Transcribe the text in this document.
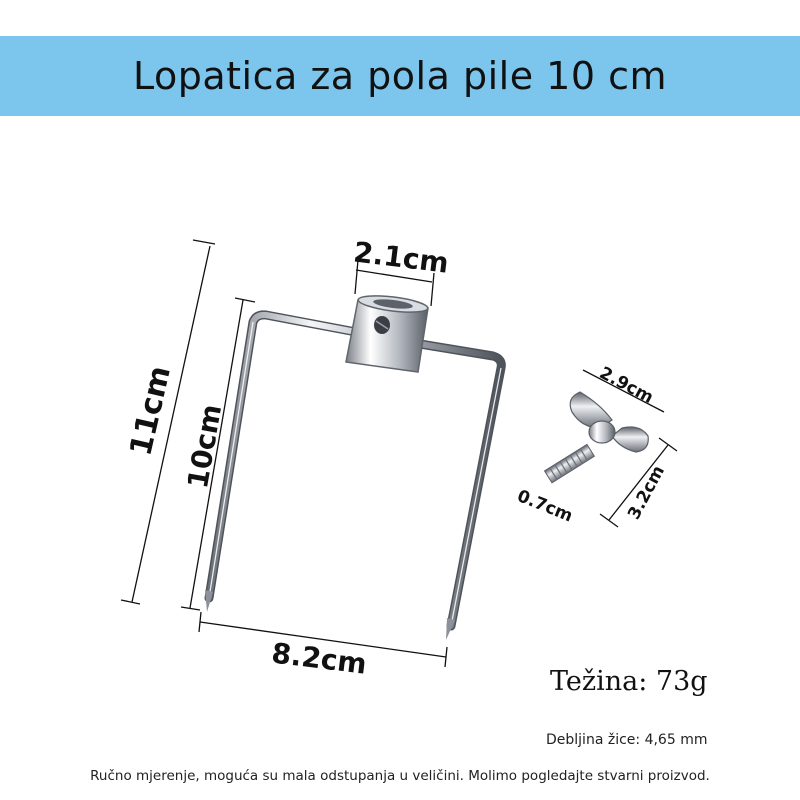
Lopatica za pola pile 10 cm
2.1cm
11cm 10cm
8.2cm
2.9cm
0.7cm	3.2cm
Težina: 73g
Debljina žice: 4,65 mm
Ručno mjerenje, moguća su mala odstupanja u veličini. Molimo pogledajte stvarni proizvod.
